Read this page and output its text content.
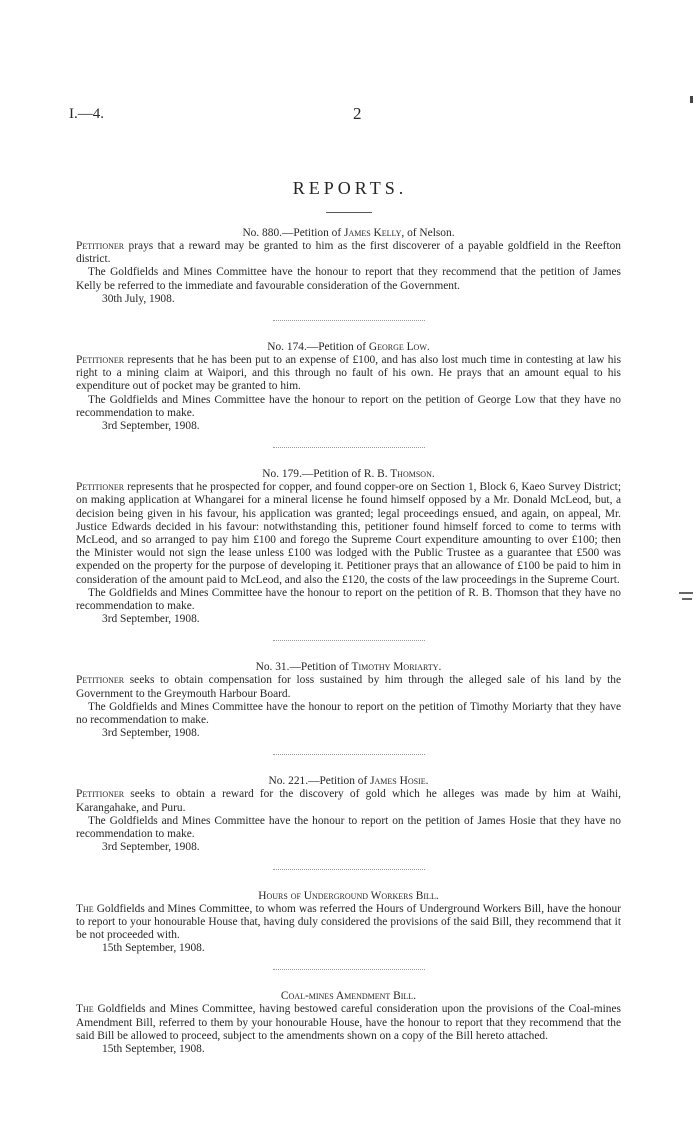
I.—4.	2
REPORTS.

No. 880.—Petition of James Kelly, of Nelson.

Petitioner prays that a reward may be granted to him as the first discoverer of a payable goldfield in the Reefton district.

The Goldfields and Mines Committee have the honour to report that they recommend that the petition of James Kelly be referred to the immediate and favourable consideration of the Government.

30th July, 1908.

No. 174.—Petition of George Low.

Petitioner represents that he has been put to an expense of £100, and has also lost much time in contesting at law his right to a mining claim at Waipori, and this through no fault of his own. He prays that an amount equal to his expenditure out of pocket may be granted to him.

The Goldfields and Mines Committee have the honour to report on the petition of George Low that they have no recommendation to make.

3rd September, 1908.

No. 179.—Petition of R. B. Thomson.

Petitioner represents that he prospected for copper, and found copper-ore on Section 1, Block 6, Kaeo Survey District; on making application at Whangarei for a mineral license he found himself opposed by a Mr. Donald McLeod, but, a decision being given in his favour, his application was granted; legal proceedings ensued, and again, on appeal, Mr. Justice Edwards decided in his favour: notwithstanding this, petitioner found himself forced to come to terms with McLeod, and so arranged to pay him £100 and forego the Supreme Court expenditure amounting to over £100; then the Minister would not sign the lease unless £100 was lodged with the Public Trustee as a guarantee that £500 was expended on the property for the purpose of developing it. Petitioner prays that an allowance of £100 be paid to him in consideration of the amount paid to McLeod, and also the £120, the costs of the law proceedings in the Supreme Court.

The Goldfields and Mines Committee have the honour to report on the petition of R. B. Thomson that they have no recommendation to make.

3rd September, 1908.

No. 31.—Petition of Timothy Moriarty.

Petitioner seeks to obtain compensation for loss sustained by him through the alleged sale of his land by the Government to the Greymouth Harbour Board.

The Goldfields and Mines Committee have the honour to report on the petition of Timothy Moriarty that they have no recommendation to make.

3rd September, 1908.

No. 221.—Petition of James Hosie.

Petitioner seeks to obtain a reward for the discovery of gold which he alleges was made by him at Waihi, Karangahake, and Puru.

The Goldfields and Mines Committee have the honour to report on the petition of James Hosie that they have no recommendation to make.

3rd September, 1908.

Hours of Underground Workers Bill.

The Goldfields and Mines Committee, to whom was referred the Hours of Underground Workers Bill, have the honour to report to your honourable House that, having duly considered the provisions of the said Bill, they recommend that it be not proceeded with.

15th September, 1908.

Coal-mines Amendment Bill.

The Goldfields and Mines Committee, having bestowed careful consideration upon the provisions of the Coal-mines Amendment Bill, referred to them by your honourable House, have the honour to report that they recommend that the said Bill be allowed to proceed, subject to the amendments shown on a copy of the Bill hereto attached.

15th September, 1908.
